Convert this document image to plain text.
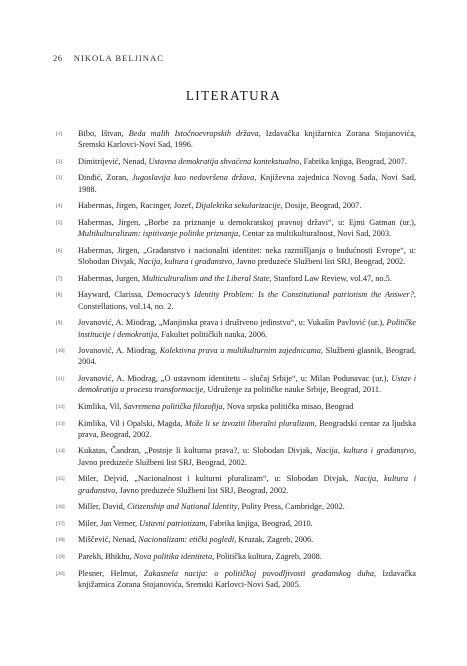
26 NIKOLA BELJINAC
LITERATURA
[1] Bibo, Ištvan, Beda malih Istočnoevropskih država, Izdavačka knjižarnica Zorana Stojanovića, Sremski Karlovci-Novi Sad, 1996.
[2] Dimitrijević, Nenad, Ustavna demokratija shvaćena kontekstualno, Fabrika knjiga, Beograd, 2007.
[3] Đinđić, Zoran, Jugoslavija kao nedovršena država, Književna zajednica Novog Sada, Novi Sad, 1988.
[4] Habermas, Jirgen, Racinger, Jozef, Dijalektika sekularizacije, Dosije, Beograd, 2007.
[5] Habermas, Jirgen, „Borbe za priznanje u demokratskoj pravnoj državi“, u: Ejmi Gatman (ur.), Multikulturalizam: ispitivanje politike priznanja, Centar za multikulturalnost, Novi Sad, 2003.
[6] Habermas, Jirgen, „Građanstvo i nacionalni identitet: neka razmišljanja o budućnosti Evrope“, u: Slobodan Divjak, Nacija, kultura i građanstvo, Javno preduzeće Službeni list SRJ, Beograd, 2002.
[7] Habermas, Jurgen, Multiculturalism and the Liberal State, Stanford Law Review, vol.47, no.5.
[8] Hayward, Clarissa, Democracy’s Identity Problem: Is the Constitutional patriotism the Answer?, Constellations, vol.14, no. 2.
[9] Jovanović, A. Miodrag, „Manjinska prava i društveno jedinstvo“, u: Vukašin Pavlović (ur.), Političke institucije i demokratija, Fakultet političkih nauka, 2006.
[10] Jovanović, A. Miodrag, Kolektivna prava u multikulturnim zajednicama, Službeni glasnik, Beograd, 2004.
[11] Jovanović, A. Miodrag, „O ustavnom identitetu – slučaj Srbije“, u: Milan Podunavac (ur.), Ustav i demokratija u procesu transformacije, Udruženje za političke nauke Srbije, Beograd, 2011.
[12] Kimlika, Vil, Savremena politička filozofija, Nova srpska politička misao, Beograd
[13] Kimlika, Vil i Opalski, Magda, Može li se izvoziti liberalni pluralizam, Beogradski centar za ljudska prava, Beograd, 2002.
[14] Kukatas, Čandran, „Postoje li kulturna prava?, u: Slobodan Divjak, Nacija, kultura i građanstvo, Javno preduzeće Službeni list SRJ, Beograd, 2002.
[15] Miler, Dejvid, „Nacionalnost i kulturni pluralizam“, u: Slobodan Divjak, Nacija, kultura i građanstvo, Javno preduzeće Službeni list SRJ, Beograd, 2002.
[16] Miller, David, Citizenship and National Identity, Polity Press, Cambridge, 2002.
[17] Miler, Jan Verner, Ustavni patriotizam, Fabrika knjiga, Beograd, 2010.
[18] Miščević, Nenad, Nacionalizam: etički pogledi, Kruzak, Zagreb, 2006.
[19] Parekh, Bhikhu, Nova politika identiteta, Politička kultura, Zagreb, 2008.
[20] Plesner, Helmut, Zakasnela nacija: o političkoj povodljivosti građanskog duha, Izdavačka knjižarnica Zorana Stojanovića, Sremski Karlovci-Novi Sad, 2005.
